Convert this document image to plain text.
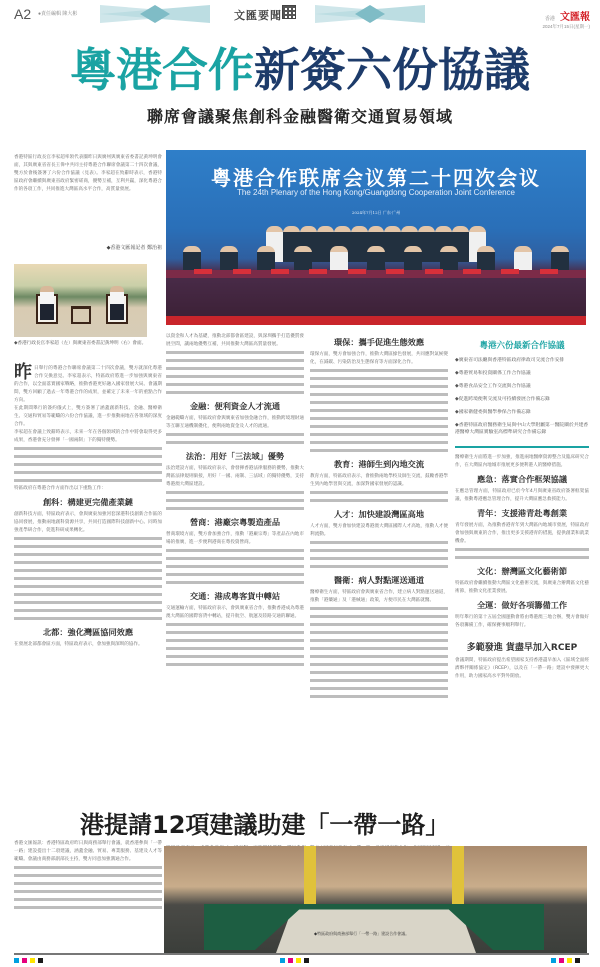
A2 ●責任編輯 陳大彬	文匯要聞	香港 文匯報
2024年7月15日(星期一)
粵港合作新簽六份協議
聯席會議聚焦創科金融醫衛交通貿易領域
香港特區行政長官李家超率領代表團昨日與廣州與廣東省委書記黃坤明會面，其與廣東省省長王偉中共同主持粵港合作聯席會議第二十四次會議，雙方於會後簽署了六份合作協議（見表）。李家超在致辭時表示，香港特區政府會繼續與廣東省政府緊密磋商，優勢互補，互利共贏，深化粵港合作的各項工作，共同推進大灣區高水平合作，高質量發展。
◆香港文匯報記者 鄭治祖
粤港合作联席会议第二十四次会议
The 24th Plenary of the Hong Kong/Guangdong Cooperation Joint Conference
2024年7月12日 广东·广州
◆香港行政長官李家超（左）與廣東省委書記黃坤明（右）會面。
昨日舉行的粵港合作聯席會議第二十四次會議，雙方就深化粵港合作交換意見。李家超表示，特區政府將進一步加強與廣東省的合作，以全面落實國家戰略，推動香港更好融入國家發展大局。會議期間，雙方回顧了過去一年粵港合作的成果，並確定了未來一年的重點合作方向。
在此期間舉行的簽約儀式上，雙方簽署了涵蓋創新科技、金融、醫療衛生、交通和貿易等範疇的六份合作協議，進一步推動兩地在各領域的深度合作。
李家超在會議上致辭時表示，未來一年在各個領域的合作中將會取得更多成果，香港會充分發揮「一國兩制」下的獨特優勢。
特區政府在粵港合作方面作出以下重點工作：
創科：構建更完備產業鏈
創新科技方面，特區政府表示，會與廣東加強河套深港科技創新合作區的協同發展，推動兩地創科資源共享，共同打造國際科技創新中心。同時加強產學研合作，促進科研成果轉化。
北都：強化灣區協同效應
在發展北部都會區方面，特區政府表示，會加強與深圳的協作。
以資金和人才為基礎，推動北部都會區建設，與深圳攜手打造優質發展空間，讓兩地優勢互補，共同推動大灣區高質量發展。
金融：便利資金人才流通
金融範疇方面，特區政府會與廣東省加強金融合作，推動跨境理財通等互聯互通機制優化，便利兩地資金及人才的流通。
法治：用好「三法域」優勢
法治建設方面，特區政府表示，會發揮香港法律服務的優勢，推動大灣區法律規則銜接，用好「一國、兩制、三法域」的獨特優勢，支持粵港澳大灣區建設。
營商：港廠宗粵製造產品
營商環境方面，雙方會加強合作，推動「港廠宗粵」等產品在內地市場的推廣，進一步便利港商在粵投資營商。
交通：港成粵客貨中轉站
交通運輸方面，特區政府表示，會與廣東省合作，推動香港成為粵港澳大灣區的國際客貨中轉站，提升航空、航運及陸路交通的聯通。
環保：攜手促進生態效應
環保方面，雙方會加強合作，推動大灣區綠色發展，共同應對氣候變化，在減碳、污染防治及生態保育等方面深化合作。
教育：港師生到內地交流
教育方面，特區政府表示，會推動兩地學校及師生交流，鼓勵香港學生到內地學習與交流，加深對國家發展的認識。
人才：加快建設灣區高地
人才方面，雙方會加快建設粵港澳大灣區國際人才高地，推動人才便利流動。
醫衛：病人對點運送通道
醫療衛生方面，特區政府會與廣東省合作，建立病人對點運送通道，推動「港藥通」及「港械通」政策，方便市民在大灣區就醫。
粵港六份最新合作協議
◆廣東省司法廳與香港特區政府律政司交流合作安排
◆粵港貿易和投資關係工作合作協議
◆粵港食品安全工作交流與合作協議
◆促進跨境便利交流及可持續發展合作備忘錄
◆國家衛健委與醫學參保合作備忘錄
◆香港特區政府醫務衛生局與中山大學附屬第一醫院關於共建香港醫療大灣區實驗室高標準研究合作備忘錄
醫療衛生方面將進一步加強，推進兩地醫療資源整合及臨床研究合作，在大灣區內地城市推展更多便利港人的醫療措施。
應急：落實合作框架協議
在應急管理方面，特區政府已於今年4月與廣東省政府簽署框架協議，推動粵港應急管理合作，提升大灣區應急救援能力。
青年：支援港青赴粵創業
青年發展方面，為推動香港青年到大灣區內地城市發展，特區政府會加強與廣東的合作，推出更多支援港青的措施，提供創業和就業機會。
文化：辦灣區文化藝術節
特區政府會繼續推動大灣區文化藝術交流，與廣東合辦灣區文化藝術節，推動文化產業發展。
全運：做好各項籌備工作
明年舉行的第十五屆全國運動會將由粵港澳三地合辦，雙方會做好各項籌備工作，確保賽事順利舉行。
多範發進 貨盡早加入RCEP
會議期間，特區政府提出希望國家支持香港盡早加入《區域全面經濟夥伴關係協定》（RCEP），以及在「一帶一路」建設中發揮更大作用，助力國家高水平對外開放。
港提請12項建議助建「一帶一路」
香港文匯報訊：香港特區政府昨日與商務部舉行會議，就香港參與「一帶一路」建設提出十二項建議，涵蓋金融、貿易、專業服務、基建及人才等範疇。會議由商務部副部長主持，雙方同意加強溝通合作。
◆特區政府與商務部舉行「一帶一路」建設合作會議。
